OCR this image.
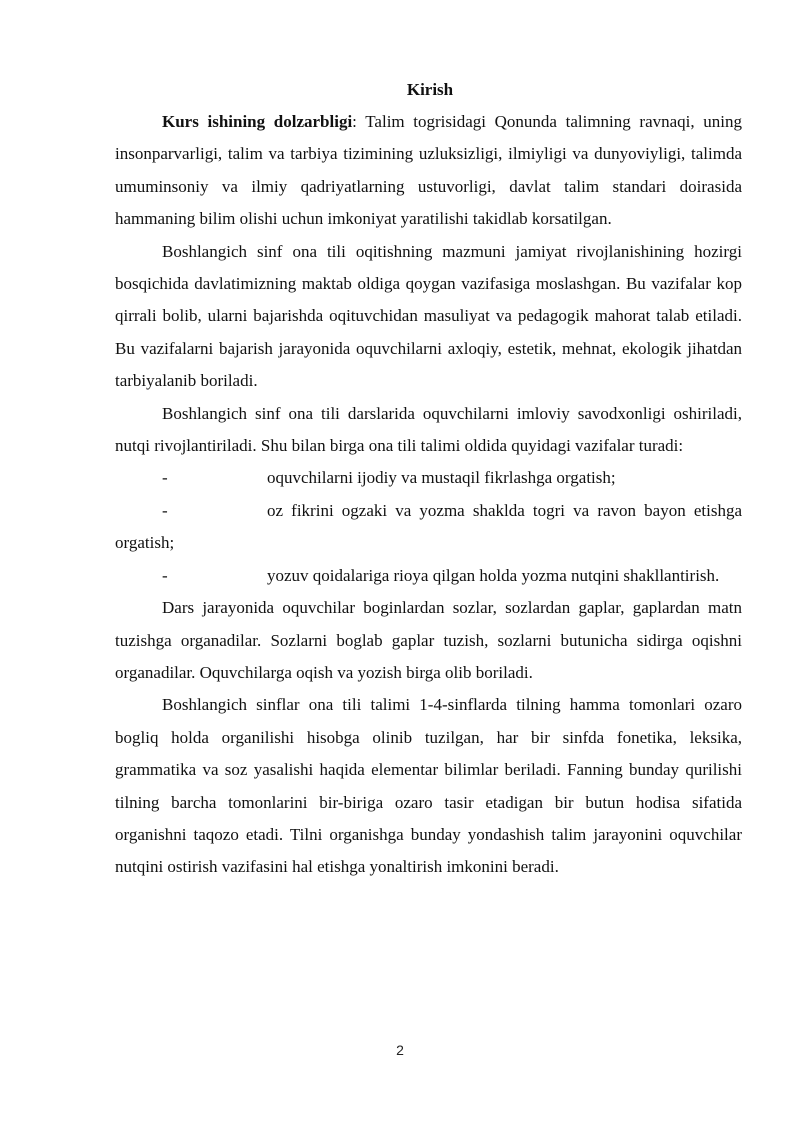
Kirish

Kurs ishining dolzarbligi: Talim togrisidagi Qonunda talimning ravnaqi, uning insonparvarligi, talim va tarbiya tizimining uzluksizligi, ilmiyligi va dunyoviyligi, talimda umuminsoniy va ilmiy qadriyatlarning ustuvorligi, davlat talim standari doirasida hammaning bilim olishi uchun imkoniyat yaratilishi takidlab korsatilgan.

Boshlangich sinf ona tili oqitishning mazmuni jamiyat rivojlanishining hozirgi bosqichida davlatimizning maktab oldiga qoygan vazifasiga moslashgan. Bu vazifalar kop qirrali bolib, ularni bajarishda oqituvchidan masuliyat va pedagogik mahorat talab etiladi. Bu vazifalarni bajarish jarayonida oquvchilarni axloqiy, estetik, mehnat, ekologik jihatdan tarbiyalanib boriladi.

Boshlangich sinf ona tili darslarida oquvchilarni imloviy savodxonligi oshiriladi, nutqi rivojlantiriladi. Shu bilan birga ona tili talimi oldida quyidagi vazifalar turadi:

-	oquvchilarni ijodiy va mustaqil fikrlashga orgatish;

-	oz fikrini ogzaki va yozma shaklda togri va ravon bayon etishga orgatish;

-	yozuv qoidalariga rioya qilgan holda yozma nutqini shakllantirish.

Dars jarayonida oquvchilar boginlardan sozlar, sozlardan gaplar, gaplardan matn tuzishga organadilar. Sozlarni boglab gaplar tuzish, sozlarni butunicha sidirga oqishni organadilar. Oquvchilarga oqish va yozish birga olib boriladi.

Boshlangich sinflar ona tili talimi 1-4-sinflarda tilning hamma tomonlari ozaro bogliq holda organilishi hisobga olinib tuzilgan, har bir sinfda fonetika, leksika, grammatika va soz yasalishi haqida elementar bilimlar beriladi. Fanning bunday qurilishi tilning barcha tomonlarini bir-biriga ozaro tasir etadigan bir butun hodisa sifatida organishni taqozo etadi. Tilni organishga bunday yondashish talim jarayonini oquvchilar nutqini ostirish vazifasini hal etishga yonaltirish imkonini beradi.

2
